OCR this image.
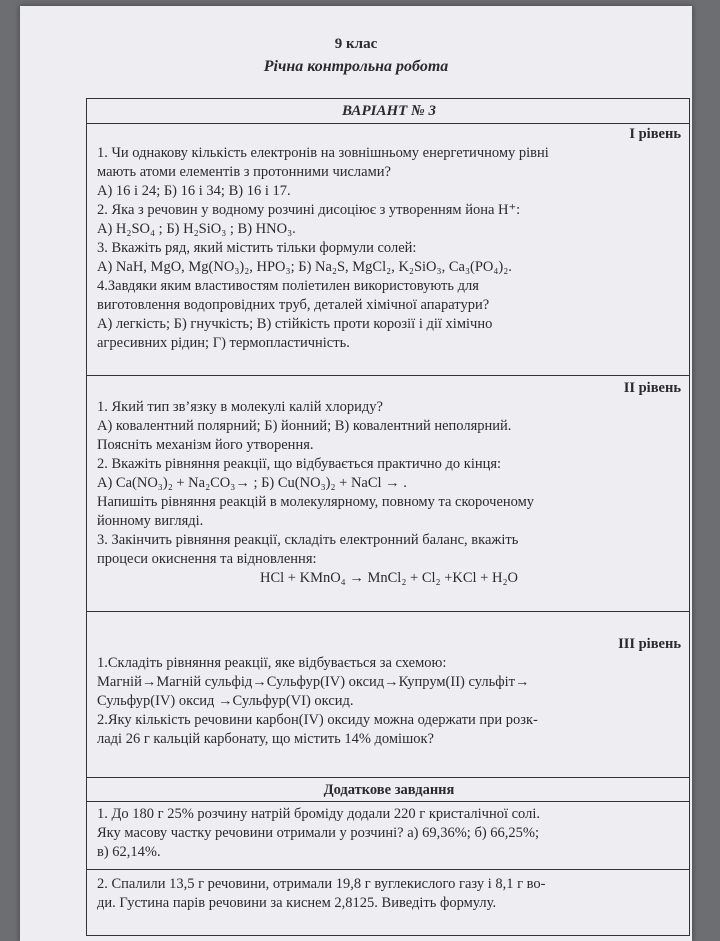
9 клас
Річна контрольна робота
ВАРІАНТ № 3

І рівень

1. Чи однакову кількість електронів на зовнішньому енергетичному рівні

мають атоми елементів з протонними числами?

А) 16 і 24; Б) 16 і 34; В) 16 і 17.

2. Яка з речовин у водному розчині дисоціює з утворенням йона H⁺:

А) H₂SO₄ ; Б) H₂SiO₃ ; В) HNO₃.

3. Вкажіть ряд, який містить тільки формули солей:

А) NaH, MgO, Mg(NO₃)₂, HPO₃; Б) Na₂S, MgCl₂, K₂SiO₃, Ca₃(PO₄)₂.

4.Завдяки яким властивостям поліетилен використовують для

виготовлення водопровідних труб, деталей хімічної апаратури?

А) легкість; Б) гнучкість; В) стійкість проти корозії і дії хімічно

агресивних рідин; Г) термопластичність.

ІІ рівень

1. Який тип зв’язку в молекулі калій хлориду?

А) ковалентний полярний; Б) йонний; В) ковалентний неполярний.

Поясніть механізм його утворення.

2. Вкажіть рівняння реакції, що відбувається практично до кінця:

А) Ca(NO₃)₂ + Na₂CO₃→ ; Б) Cu(NO₃)₂ + NaCl → .

Напишіть рівняння реакцій в молекулярному, повному та скороченому

йонному вигляді.

3. Закінчить рівняння реакції, складіть електронний баланс, вкажіть

процеси окиснення та відновлення:

HCl + KMnO₄ → MnCl₂ + Cl₂ +KCl + H₂O

ІІІ рівень

1.Складіть рівняння реакції, яке відбувається за схемою:

Магній→Магній сульфід→Сульфур(IV) оксид→Купрум(ІІ) сульфіт→

Сульфур(IV) оксид →Сульфур(VI) оксид.

2.Яку кількість речовини карбон(IV) оксиду можна одержати при розк-

ладі 26 г кальцій карбонату, що містить 14% домішок?

Додаткове завдання

1. До 180 г 25% розчину натрій броміду додали 220 г кристалічної солі.

Яку масову частку речовини отримали у розчині? а) 69,36%; б) 66,25%;

в) 62,14%.

2. Спалили 13,5 г речовини, отримали 19,8 г вуглекислого газу і 8,1 г во-

ди. Густина парів речовини за киснем 2,8125. Виведіть формулу.
